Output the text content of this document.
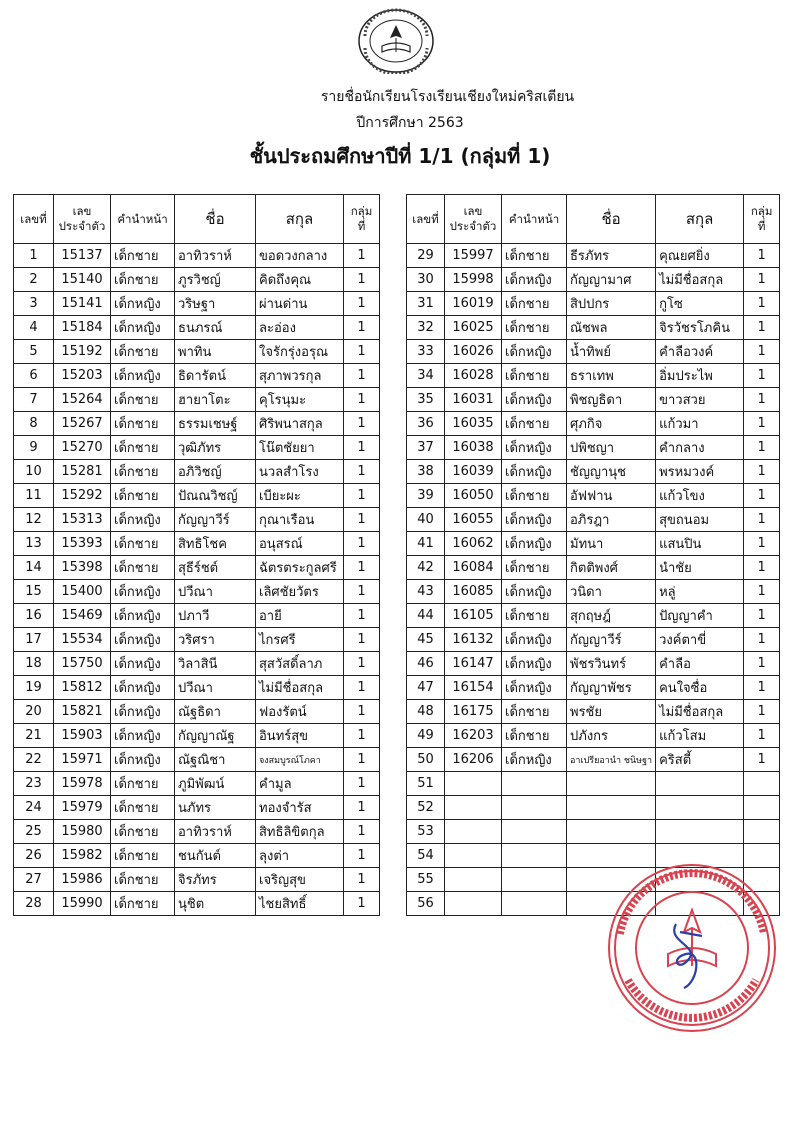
รายชื่อนักเรียนโรงเรียนเชียงใหม่คริสเตียน
ปีการศึกษา 2563
ชั้นประถมศึกษาปีที่ 1/1 (กลุ่มที่ 1)
เลขที่	เลข ประจำตัว	คำนำหน้า	ชื่อ	สกุล	กลุ่ม ที่
1	15137	เด็กชาย	อาทิวราห์	ขอดวงกลาง	1
2	15140	เด็กชาย	ภูรวิชญ์	คิดถึงคุณ	1
3	15141	เด็กหญิง	วริษฐา	ผ่านด่าน	1
4	15184	เด็กหญิง	ธนภรณ์	ละอ่อง	1
5	15192	เด็กชาย	พาทิน	ใจรักรุ่งอรุณ	1
6	15203	เด็กหญิง	ธิดารัตน์	สุภาพวรกุล	1
7	15264	เด็กชาย	ฮายาโตะ	คุโรนุมะ	1
8	15267	เด็กชาย	ธรรมเชษฐ์	ศิริพนาสกุล	1
9	15270	เด็กชาย	วุฒิภัทร	โน๊ตชัยยา	1
10	15281	เด็กชาย	อภิวิชญ์	นวลสำโรง	1
11	15292	เด็กชาย	ปัณณวิชญ์	เบียะผะ	1
12	15313	เด็กหญิง	กัญญาวีร์	กุณาเรือน	1
13	15393	เด็กชาย	สิทธิโชค	อนุสรณ์	1
14	15398	เด็กชาย	สุธีร์ชต์	ฉัตรตระกูลศรี	1
15	15400	เด็กหญิง	ปวีณา	เลิศชัยวัตร	1
16	15469	เด็กหญิง	ปภาวี	อายี	1
17	15534	เด็กหญิง	วริศรา	ไกรศรี	1
18	15750	เด็กหญิง	วิลาสินี	สุสวัสดิ์ลาภ	1
19	15812	เด็กหญิง	ปวีณา	ไม่มีชื่อสกุล	1
20	15821	เด็กหญิง	ณัฐธิดา	ฟองรัตน์	1
21	15903	เด็กหญิง	กัญญาณัฐ	อินทร์สุข	1
22	15971	เด็กหญิง	ณัฐณิชา	จงสมบูรณ์โภคา	1
23	15978	เด็กชาย	ภูมิพัฒน์	คำมูล	1
24	15979	เด็กชาย	นภัทร	ทองจำรัส	1
25	15980	เด็กชาย	อาทิวราห์	สิทธิลิขิตกุล	1
26	15982	เด็กชาย	ชนกันต์	ลุงต่า	1
27	15986	เด็กชาย	จิรภัทร	เจริญสุข	1
28	15990	เด็กชาย	นุชิต	ไชยสิทธิ์	1
เลขที่	เลข ประจำตัว	คำนำหน้า	ชื่อ	สกุล	กลุ่ม ที่
29	15997	เด็กชาย	ธีรภัทร	คุณยศยิ่ง	1
30	15998	เด็กหญิง	กัญญามาศ	ไม่มีชื่อสกุล	1
31	16019	เด็กชาย	สิปปกร	กูโซ	1
32	16025	เด็กชาย	ณัชพล	จิรวัชรโภคิน	1
33	16026	เด็กหญิง	น้ำทิพย์	คำลือวงค์	1
34	16028	เด็กชาย	ธราเทพ	อิ่มประไพ	1
35	16031	เด็กหญิง	พิชญธิดา	ขาวสวย	1
36	16035	เด็กชาย	ศุภกิจ	แก้วมา	1
37	16038	เด็กหญิง	ปพิชญา	คำกลาง	1
38	16039	เด็กหญิง	ชัญญานุช	พรหมวงค์	1
39	16050	เด็กชาย	อัฟฟาน	แก้วโขง	1
40	16055	เด็กหญิง	อภิรฎา	สุขถนอม	1
41	16062	เด็กหญิง	มัทนา	แสนปิน	1
42	16084	เด็กชาย	กิตติพงศ์	นำชัย	1
43	16085	เด็กหญิง	วนิดา	หลู่	1
44	16105	เด็กชาย	สุกฤษฎ์	ปัญญาคำ	1
45	16132	เด็กหญิง	กัญญาวีร์	วงค์ตาขี่	1
46	16147	เด็กหญิง	พัชรวินทร์	คำลือ	1
47	16154	เด็กหญิง	กัญญาพัชร	คนใจซื่อ	1
48	16175	เด็กชาย	พรชัย	ไม่มีชื่อสกุล	1
49	16203	เด็กชาย	ปภังกร	แก้วโสม	1
50	16206	เด็กหญิง	อาเปรียอานำ ชนิษฐา	คริสตี้	1
51					
52					
53					
54					
55					
56					
